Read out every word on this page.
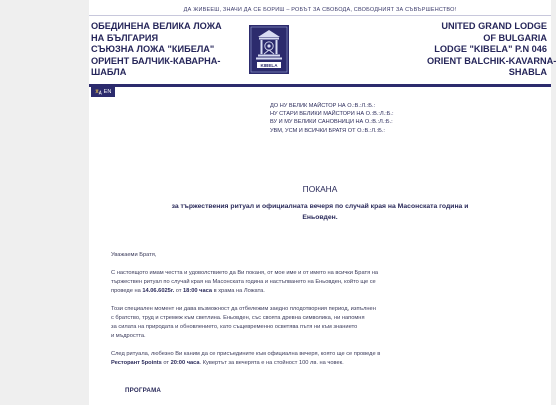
ДА ЖИВЕЕШ, ЗНАЧИ ДА СЕ БОРИШ – РОБЪТ ЗА СВОБОДА, СВОБОДНИЯТ ЗА СЪВЪРШЕНСТВО!
ОБЕДИНЕНА ВЕЛИКА ЛОЖА
НА БЪЛГАРИЯ
СЪЮЗНА ЛОЖА "КИБЕЛА"
ОРИЕНТ БАЛЧИК-КАВАРНА-
ШАБЛА
KIBELA
UNITED GRAND LODGE
OF BULGARIA
LODGE "KIBELA" P.N 046
ORIENT BALCHIK-KAVARNA-
SHABLA
EN
ДО НУ ВЕЛИК МАЙСТОР НА О.:В.:Л.:Б.:
НУ СТАРИ ВЕЛИКИ МАЙСТОРИ НА О.:В.:Л.:Б.:
ВУ И МУ ВЕЛИКИ САНОВНИЦИ НА О.:В.:Л.:Б.:
УВМ, УСМ И ВСИЧКИ БРАТЯ ОТ О.:В.:Л.:Б.:
ПОКАНА
за тържествения ритуал и официалната вечеря по случай края на Масонската година и
Еньовден.

Уважаеми Братя,

С настоящото имам честта и удоволствието да Ви поканя, от мое име и от името на всички Братя на
тържествен ритуал по случай края на Масонската година и настъпването на Еньовден, който ще се
проведе на 14.06.6025г. от 18:00 часа в храма на Ложата.

Този специален момент ни дава възможност да отбележим заедно плодотворния период, изпълнен
с братство, труд и стремеж към светлина. Еньовден, със своята древна символика, ни напомня
за силата на природата и обновлението, като същевременно осветява пътя ни към знанието
и мъдростта.

След ритуала, любезно Ви каним да се присъедините към официална вечеря, която ще се проведе в
Ресторант 5points от 20:00 часа. Кувертът за вечерята е на стойност 100 лв. на човек.

ПРОГРАМА
